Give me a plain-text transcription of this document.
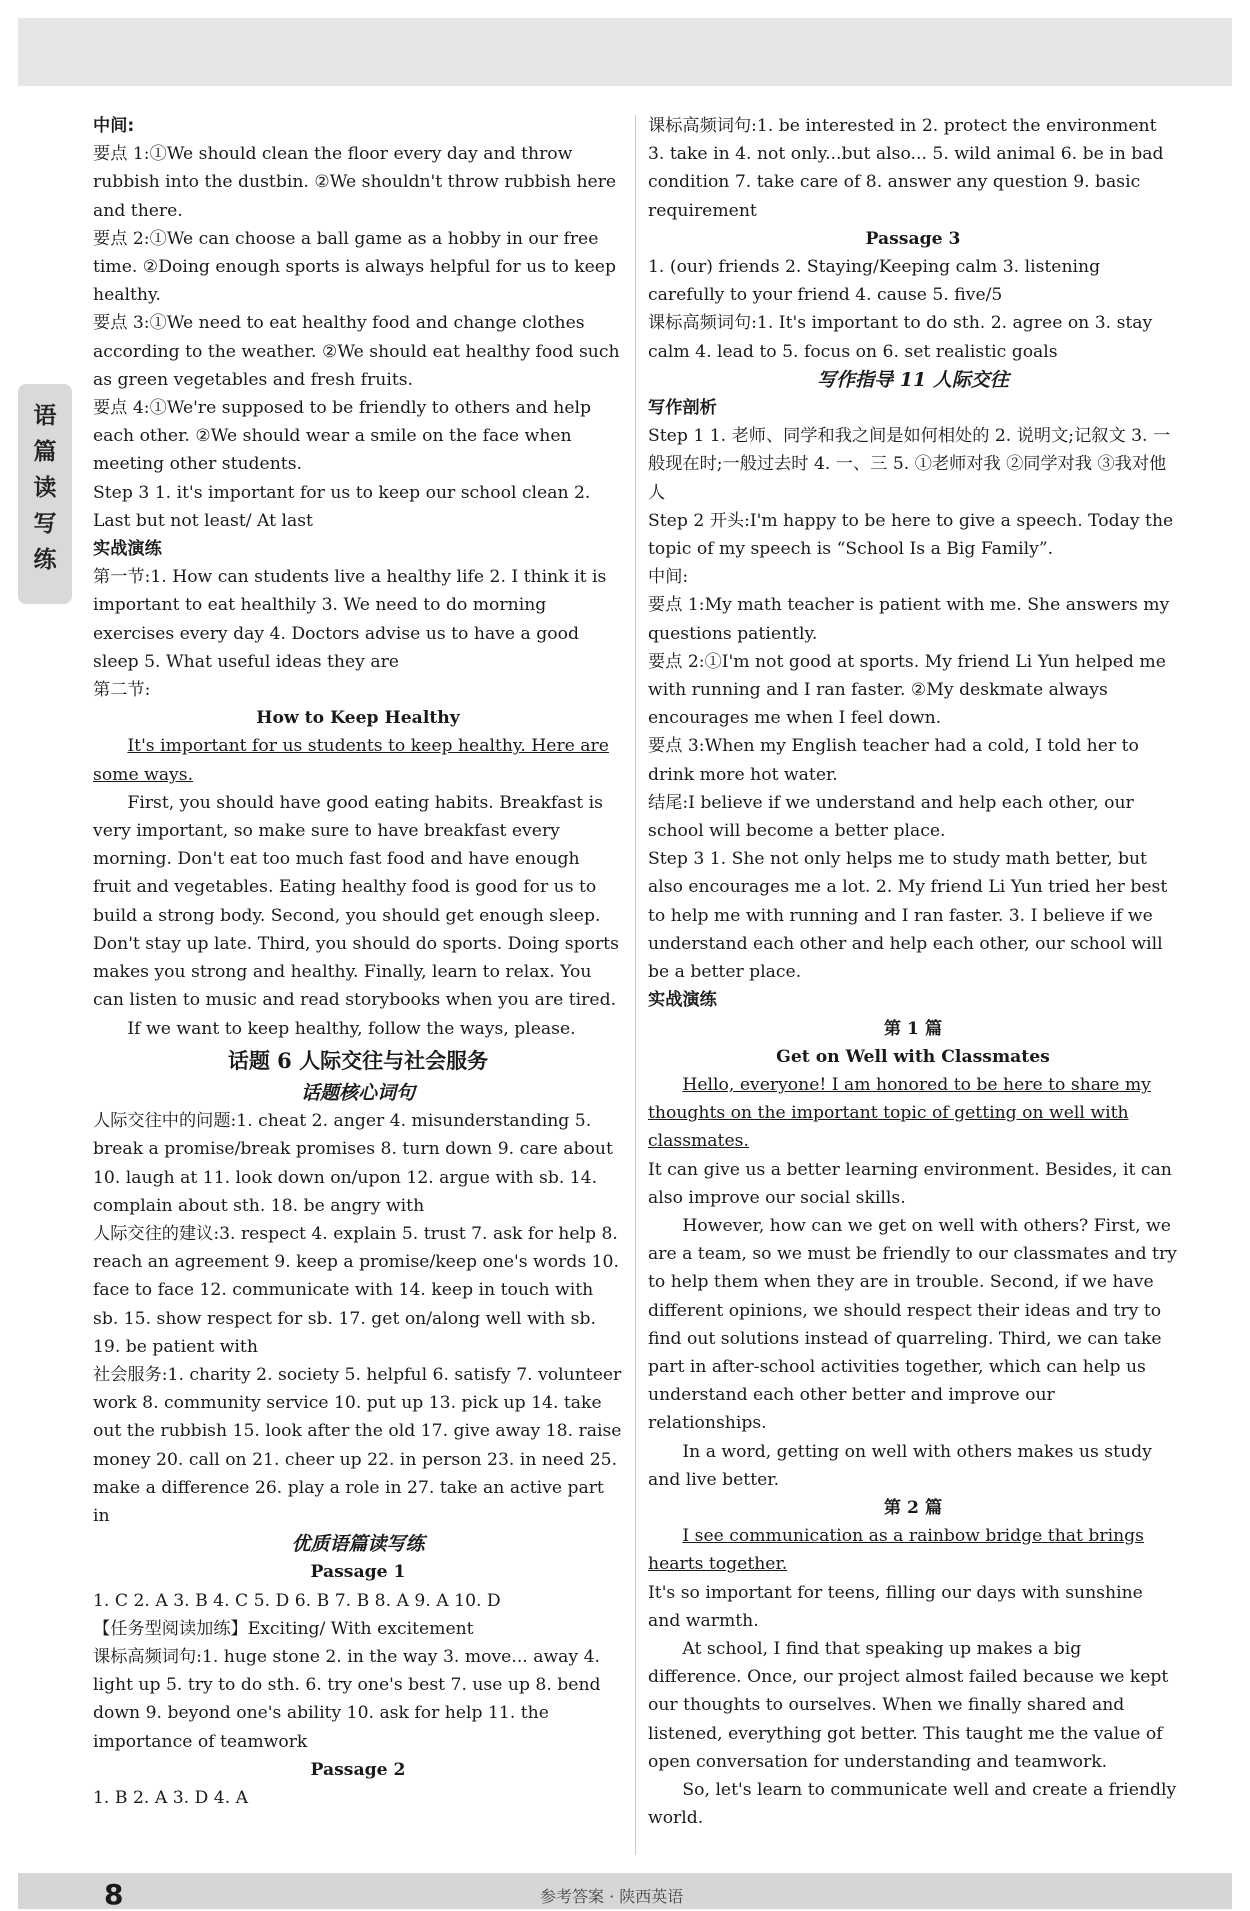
语篇读写练

中间:

要点 1:①We should clean the floor every day and throw rubbish into the dustbin. ②We shouldn't throw rubbish here and there.

要点 2:①We can choose a ball game as a hobby in our free time. ②Doing enough sports is always helpful for us to keep healthy.

要点 3:①We need to eat healthy food and change clothes according to the weather. ②We should eat healthy food such as green vegetables and fresh fruits.

要点 4:①We're supposed to be friendly to others and help each other. ②We should wear a smile on the face when meeting other students.

Step 3 1. it's important for us to keep our school clean 2. Last but not least/ At last

实战演练

第一节:1. How can students live a healthy life 2. I think it is important to eat healthily 3. We need to do morning exercises every day 4. Doctors advise us to have a good sleep 5. What useful ideas they are

第二节:

How to Keep Healthy

It's important for us students to keep healthy. Here are some ways.

First, you should have good eating habits. Breakfast is very important, so make sure to have breakfast every morning. Don't eat too much fast food and have enough fruit and vegetables. Eating healthy food is good for us to build a strong body. Second, you should get enough sleep. Don't stay up late. Third, you should do sports. Doing sports makes you strong and healthy. Finally, learn to relax. You can listen to music and read storybooks when you are tired.

If we want to keep healthy, follow the ways, please.

话题 6 人际交往与社会服务

话题核心词句

人际交往中的问题:1. cheat 2. anger 4. misunderstanding 5. break a promise/break promises 8. turn down 9. care about 10. laugh at 11. look down on/upon 12. argue with sb. 14. complain about sth. 18. be angry with

人际交往的建议:3. respect 4. explain 5. trust 7. ask for help 8. reach an agreement 9. keep a promise/keep one's words 10. face to face 12. communicate with 14. keep in touch with sb. 15. show respect for sb. 17. get on/along well with sb. 19. be patient with

社会服务:1. charity 2. society 5. helpful 6. satisfy 7. volunteer work 8. community service 10. put up 13. pick up 14. take out the rubbish 15. look after the old 17. give away 18. raise money 20. call on 21. cheer up 22. in person 23. in need 25. make a difference 26. play a role in 27. take an active part in

优质语篇读写练

Passage 1

1. C 2. A 3. B 4. C 5. D 6. B 7. B 8. A 9. A 10. D

【任务型阅读加练】Exciting/ With excitement

课标高频词句:1. huge stone 2. in the way 3. move... away 4. light up 5. try to do sth. 6. try one's best 7. use up 8. bend down 9. beyond one's ability 10. ask for help 11. the importance of teamwork

Passage 2

1. B 2. A 3. D 4. A

课标高频词句:1. be interested in 2. protect the environment 3. take in 4. not only...but also... 5. wild animal 6. be in bad condition 7. take care of 8. answer any question 9. basic requirement

Passage 3

1. (our) friends 2. Staying/Keeping calm 3. listening carefully to your friend 4. cause 5. five/5

课标高频词句:1. It's important to do sth. 2. agree on 3. stay calm 4. lead to 5. focus on 6. set realistic goals

写作指导 11 人际交往

写作剖析

Step 1 1. 老师、同学和我之间是如何相处的 2. 说明文;记叙文 3. 一般现在时;一般过去时 4. 一、三 5. ①老师对我 ②同学对我 ③我对他人

Step 2 开头:I'm happy to be here to give a speech. Today the topic of my speech is “School Is a Big Family”.

中间:

要点 1:My math teacher is patient with me. She answers my questions patiently.

要点 2:①I'm not good at sports. My friend Li Yun helped me with running and I ran faster. ②My deskmate always encourages me when I feel down.

要点 3:When my English teacher had a cold, I told her to drink more hot water.

结尾:I believe if we understand and help each other, our school will become a better place.

Step 3 1. She not only helps me to study math better, but also encourages me a lot. 2. My friend Li Yun tried her best to help me with running and I ran faster. 3. I believe if we understand each other and help each other, our school will be a better place.

实战演练

第 1 篇

Get on Well with Classmates

Hello, everyone! I am honored to be here to share my thoughts on the important topic of getting on well with classmates.

It can give us a better learning environment. Besides, it can also improve our social skills.

However, how can we get on well with others? First, we are a team, so we must be friendly to our classmates and try to help them when they are in trouble. Second, if we have different opinions, we should respect their ideas and try to find out solutions instead of quarreling. Third, we can take part in after-school activities together, which can help us understand each other better and improve our relationships.

In a word, getting on well with others makes us study and live better.

第 2 篇

I see communication as a rainbow bridge that brings hearts together.

It's so important for teens, filling our days with sunshine and warmth.

At school, I find that speaking up makes a big difference. Once, our project almost failed because we kept our thoughts to ourselves. When we finally shared and listened, everything got better. This taught me the value of open conversation for understanding and teamwork.

So, let's learn to communicate well and create a friendly world.

8	参考答案 · 陕西英语
